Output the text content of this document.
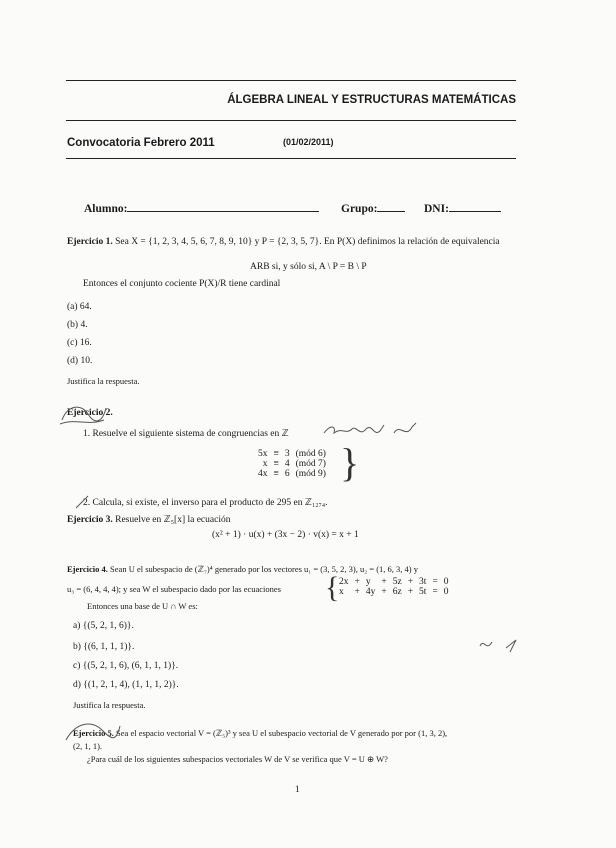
ÁLGEBRA LINEAL Y ESTRUCTURAS MATEMÁTICAS
Convocatoria Febrero 2011	(01/02/2011)
Alumno:	Grupo:	DNI:
Ejercicio 1. Sea X = {1, 2, 3, 4, 5, 6, 7, 8, 9, 10} y P = {2, 3, 5, 7}. En P(X) definimos la relación de equivalencia
ARB si, y sólo si, A \ P = B \ P
Entonces el conjunto cociente P(X)/R tiene cardinal
(a) 64.
(b) 4.
(c) 16.
(d) 10.
Justifica la respuesta.
Ejercicio 2.
1. Resuelve el siguiente sistema de congruencias en ℤ
5x	≡	3	(mód 6)
x	≡	4	(mód 7)
4x	≡	6	(mód 9) }
2. Calcula, si existe, el inverso para el producto de 295 en ℤ₁₂₇₄.
Ejercicio 3. Resuelve en ℤ₅[x] la ecuación
(x² + 1) · u(x) + (3x − 2) · v(x) = x + 1
Ejercicio 4. Sean U el subespacio de (ℤ₇)⁴ generado por los vectores u₁ = (3, 5, 2, 3), u₂ = (1, 6, 3, 4) y
u₃ = (6, 4, 4, 4); y sea W el subespacio dado por las ecuaciones { 2x	+	y	+	5z	+	3t	=	0
x	+	4y	+	6z	+	5t	=	0
Entonces una base de U ∩ W es:
a) {(5, 2, 1, 6)}.
b) {(6, 1, 1, 1)}.
c) {(5, 2, 1, 6), (6, 1, 1, 1)}.
d) {(1, 2, 1, 4), (1, 1, 1, 2)}.
Justifica la respuesta.
Ejercicio 5. Sea el espacio vectorial V = (ℤ₅)³ y sea U el subespacio vectorial de V generado por por (1, 3, 2),
(2, 1, 1).
¿Para cuál de los siguientes subespacios vectoriales W de V se verifica que V = U ⊕ W?
1
